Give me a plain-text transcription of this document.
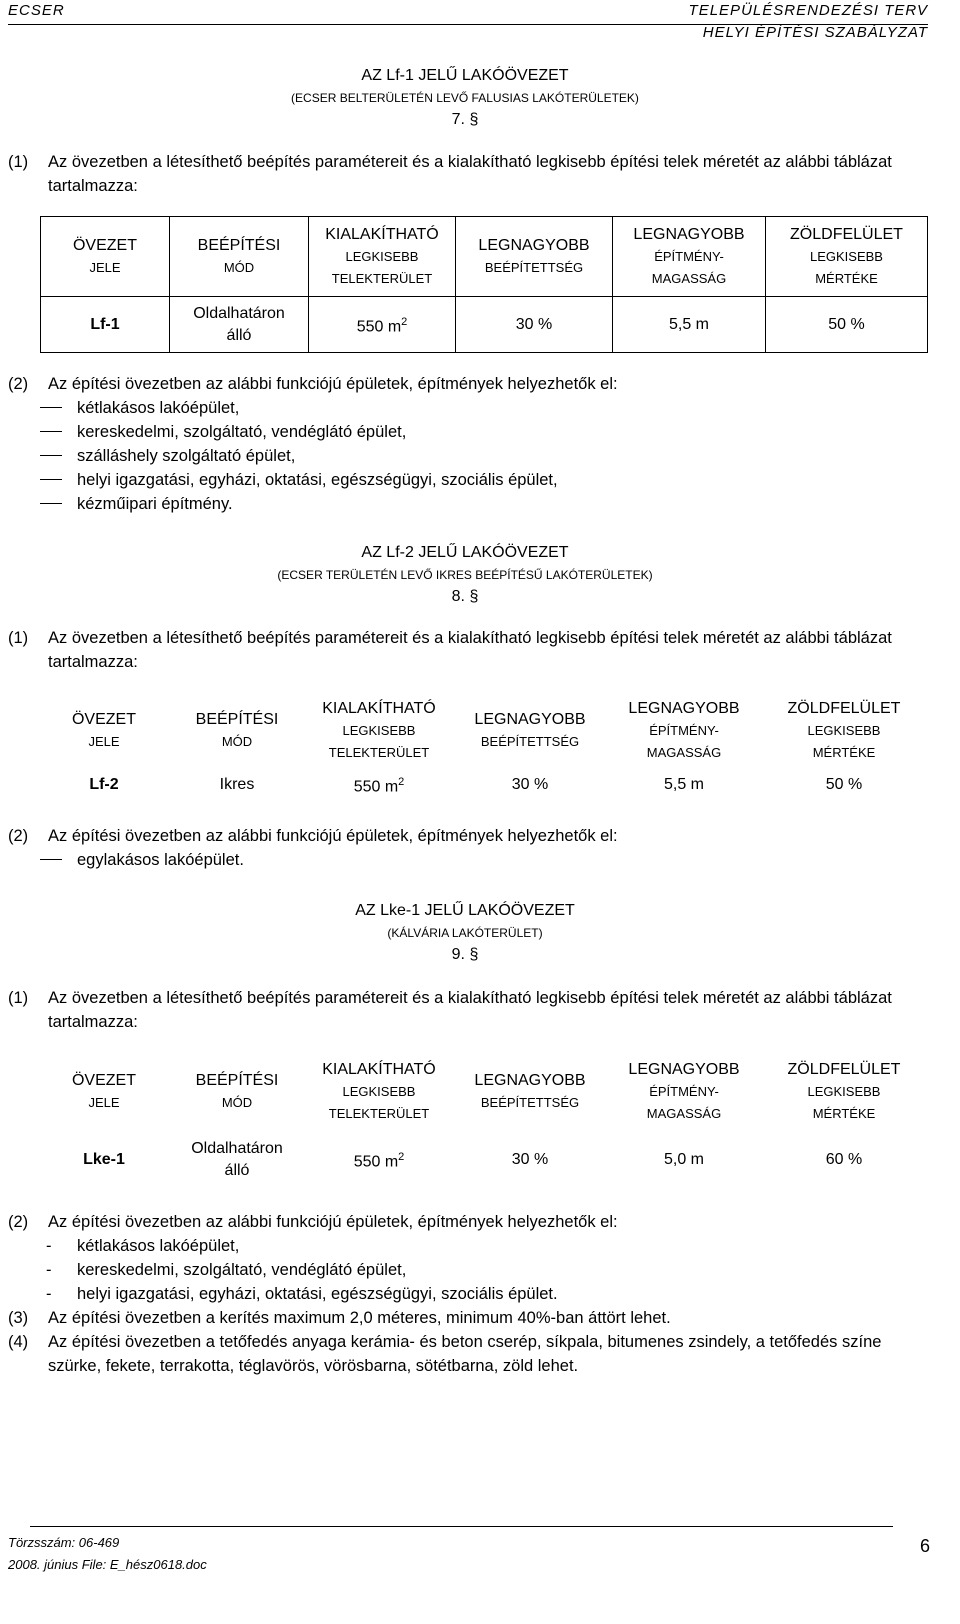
ECSER	TELEPÜLÉSRENDEZÉSI TERV
HELYI ÉPÍTÉSI SZABÁLYZAT
AZ Lf-1 JELŰ LAKÓÖVEZET
(ECSER BELTERÜLETÉN LEVŐ FALUSIAS LAKÓTERÜLETEK)
7. §
(1) Az övezetben a létesíthető beépítés paramétereit és a kialakítható legkisebb építési telek méretét az alábbi táblázat tartalmazza:
ÖVEZET
JELE	BEÉPÍTÉSI
MÓD	KIALAKÍTHATÓ
LEGKISEBB
TELEKTERÜLET	LEGNAGYOBB
BEÉPÍTETTSÉG	LEGNAGYOBB
ÉPÍTMÉNY-
MAGASSÁG	ZÖLDFELÜLET
LEGKISEBB
MÉRTÉKE
Lf-1	Oldalhatáron
álló	550 $m^2$	30 %	5,5 m	50 %
(2) Az építési övezetben az alábbi funkciójú épületek, építmények helyezhetők el:
kétlakásos lakóépület,
kereskedelmi, szolgáltató, vendéglátó épület,
szálláshely szolgáltató épület,
helyi igazgatási, egyházi, oktatási, egészségügyi, szociális épület,
kézműipari építmény.
AZ Lf-2 JELŰ LAKÓÖVEZET
(ECSER TERÜLETÉN LEVŐ IKRES BEÉPÍTÉSŰ LAKÓTERÜLETEK)
8. §
(1) Az övezetben a létesíthető beépítés paramétereit és a kialakítható legkisebb építési telek méretét az alábbi táblázat tartalmazza:
ÖVEZET
JELE	BEÉPÍTÉSI
MÓD	KIALAKÍTHATÓ
LEGKISEBB
TELEKTERÜLET	LEGNAGYOBB
BEÉPÍTETTSÉG	LEGNAGYOBB
ÉPÍTMÉNY-
MAGASSÁG	ZÖLDFELÜLET
LEGKISEBB
MÉRTÉKE
Lf-2	Ikres	550 $m^2$	30 %	5,5 m	50 %
(2) Az építési övezetben az alábbi funkciójú épületek, építmények helyezhetők el:
egylakásos lakóépület.
AZ Lke-1 JELŰ LAKÓÖVEZET
(KÁLVÁRIA LAKÓTERÜLET)
9. §
(1) Az övezetben a létesíthető beépítés paramétereit és a kialakítható legkisebb építési telek méretét az alábbi táblázat tartalmazza:
ÖVEZET
JELE	BEÉPÍTÉSI
MÓD	KIALAKÍTHATÓ
LEGKISEBB
TELEKTERÜLET	LEGNAGYOBB
BEÉPÍTETTSÉG	LEGNAGYOBB
ÉPÍTMÉNY-
MAGASSÁG	ZÖLDFELÜLET
LEGKISEBB
MÉRTÉKE
Lke-1	Oldalhatáron
álló	550 $m^2$	30 %	5,0 m	60 %
(2) Az építési övezetben az alábbi funkciójú épületek, építmények helyezhetők el:
- kétlakásos lakóépület,
- kereskedelmi, szolgáltató, vendéglátó épület,
- helyi igazgatási, egyházi, oktatási, egészségügyi, szociális épület.
(3) Az építési övezetben a kerítés maximum 2,0 méteres, minimum 40%-ban áttört lehet.
(4) Az építési övezetben a tetőfedés anyaga kerámia- és beton cserép, síkpala, bitumenes zsindely, a tetőfedés színe szürke, fekete, terrakotta, téglavörös, vörösbarna, sötétbarna, zöld lehet.
Törzsszám: 06-469
2008. június File: E_hész0618.doc
6
